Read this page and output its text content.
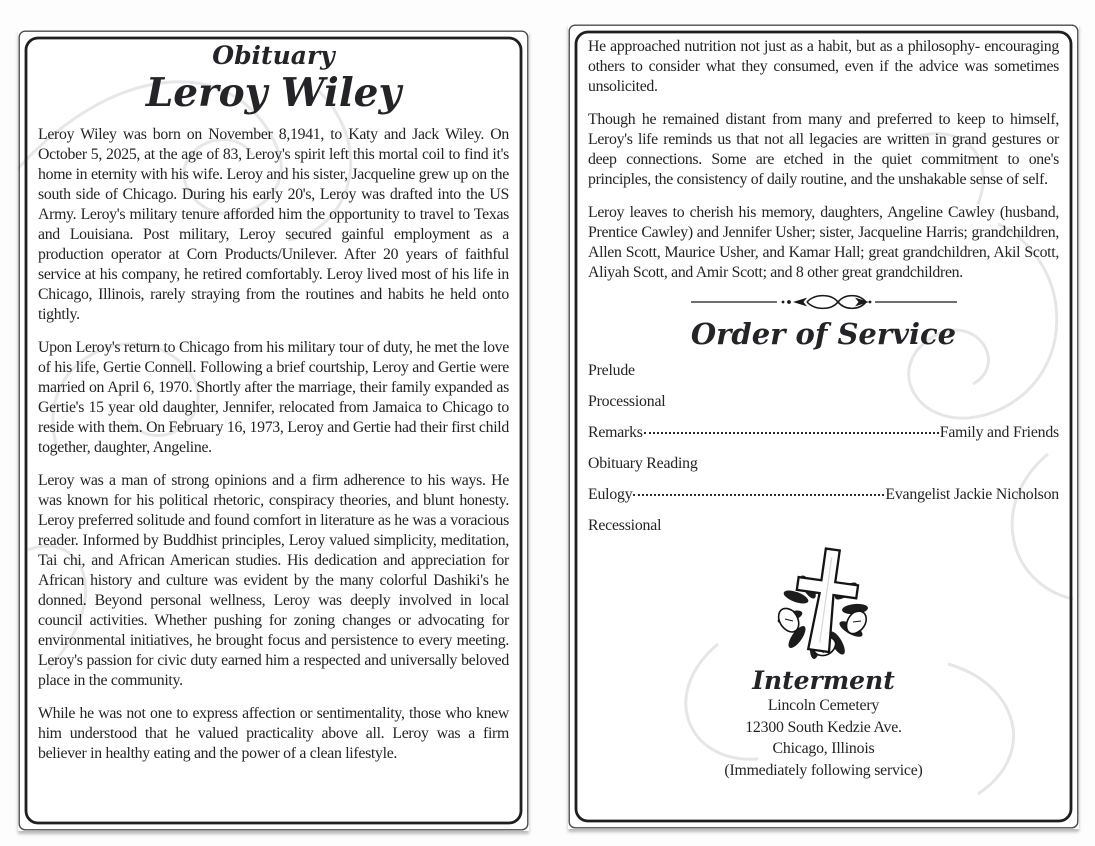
Obituary
Leroy Wiley

Leroy Wiley was born on November 8,1941, to Katy and Jack Wiley. On October 5, 2025, at the age of 83, Leroy's spirit left this mortal coil to find it's home in eternity with his wife. Leroy and his sister, Jacqueline grew up on the south side of Chicago. During his early 20's, Leroy was drafted into the US Army. Leroy's military tenure afforded him the opportunity to travel to Texas and Louisiana. Post military, Leroy secured gainful employment as a production operator at Corn Products/Unilever. After 20 years of faithful service at his company, he retired comfortably. Leroy lived most of his life in Chicago, Illinois, rarely straying from the routines and habits he held onto tightly.

Upon Leroy's return to Chicago from his military tour of duty, he met the love of his life, Gertie Connell. Following a brief courtship, Leroy and Gertie were married on April 6, 1970. Shortly after the marriage, their family expanded as Gertie's 15 year old daughter, Jennifer, relocated from Jamaica to Chicago to reside with them. On February 16, 1973, Leroy and Gertie had their first child together, daughter, Angeline.

Leroy was a man of strong opinions and a firm adherence to his ways. He was known for his political rhetoric, conspiracy theories, and blunt honesty. Leroy preferred solitude and found comfort in literature as he was a voracious reader. Informed by Buddhist principles, Leroy valued simplicity, meditation, Tai chi, and African American studies. His dedication and appreciation for African history and culture was evident by the many colorful Dashiki's he donned. Beyond personal wellness, Leroy was deeply involved in local council activities. Whether pushing for zoning changes or advocating for environmental initiatives, he brought focus and persistence to every meeting. Leroy's passion for civic duty earned him a respected and universally beloved place in the community.

While he was not one to express affection or sentimentality, those who knew him understood that he valued practicality above all. Leroy was a firm believer in healthy eating and the power of a clean lifestyle.

He approached nutrition not just as a habit, but as a philosophy- encouraging others to consider what they consumed, even if the advice was sometimes unsolicited.

Though he remained distant from many and preferred to keep to himself, Leroy's life reminds us that not all legacies are written in grand gestures or deep connections. Some are etched in the quiet commitment to one's principles, the consistency of daily routine, and the unshakable sense of self.

Leroy leaves to cherish his memory, daughters, Angeline Cawley (husband, Prentice Cawley) and Jennifer Usher; sister, Jacqueline Harris; grandchildren, Allen Scott, Maurice Usher, and Kamar Hall; great grandchildren, Akil Scott, Aliyah Scott, and Amir Scott; and 8 other great grandchildren.

Order of Service
Prelude
Processional
Remarks	Family and Friends
Obituary Reading
Eulogy	Evangelist Jackie Nicholson
Recessional
Interment
Lincoln Cemetery
12300 South Kedzie Ave.
Chicago, Illinois
(Immediately following service)
